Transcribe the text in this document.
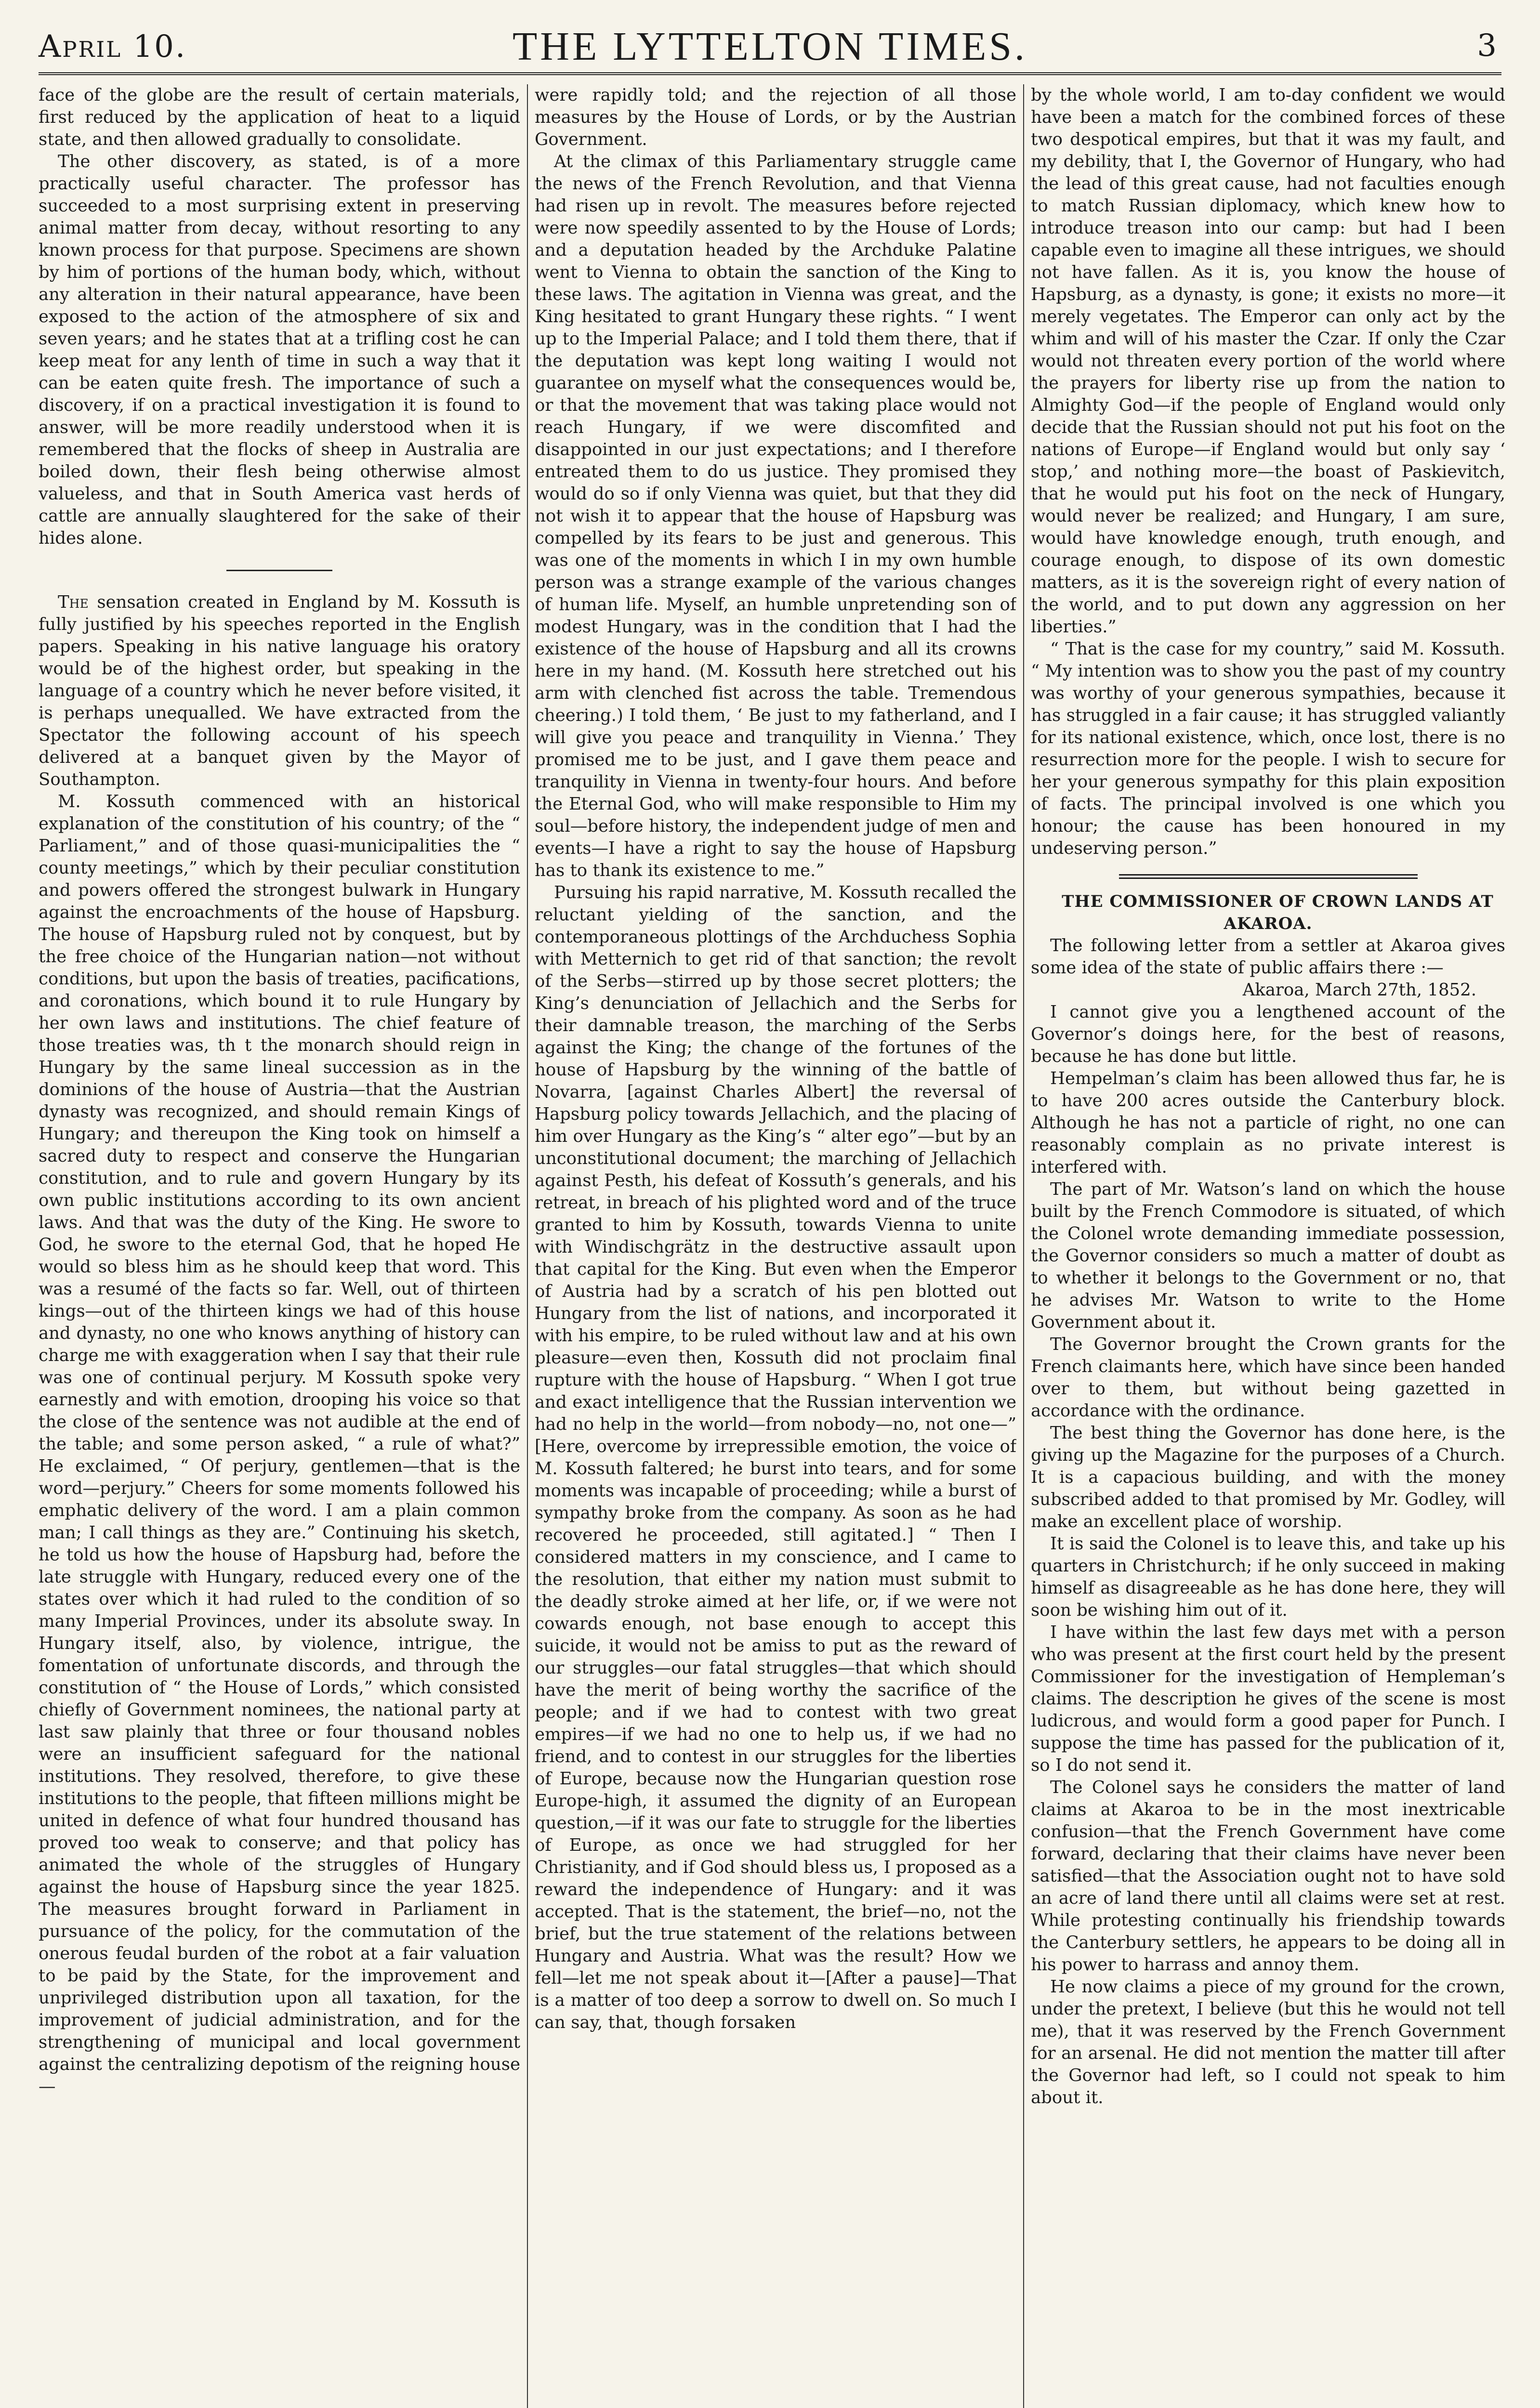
April 10.	THE LYTTELTON TIMES.	3

face of the globe are the result of certain materials, first reduced by the application of heat to a liquid state, and then allowed gradually to consolidate.

The other discovery, as stated, is of a more practically useful character. The professor has succeeded to a most surprising extent in preserving animal matter from decay, without resorting to any known process for that purpose. Specimens are shown by him of portions of the human body, which, without any alteration in their natural appearance, have been exposed to the action of the atmosphere of six and seven years; and he states that at a trifling cost he can keep meat for any lenth of time in such a way that it can be eaten quite fresh. The importance of such a discovery, if on a practical investigation it is found to answer, will be more readily understood when it is remembered that the flocks of sheep in Australia are boiled down, their flesh being otherwise almost valueless, and that in South America vast herds of cattle are annually slaughtered for the sake of their hides alone.

The sensation created in England by M. Kossuth is fully justified by his speeches reported in the English papers. Speaking in his native language his oratory would be of the highest order, but speaking in the language of a country which he never before visited, it is perhaps unequalled. We have extracted from the Spectator the following account of his speech delivered at a banquet given by the Mayor of Southampton.

M. Kossuth commenced with an historical explanation of the constitution of his country; of the “ Parliament,” and of those quasi-municipalities the “ county meetings,” which by their peculiar constitution and powers offered the strongest bulwark in Hungary against the encroachments of the house of Hapsburg. The house of Hapsburg ruled not by conquest, but by the free choice of the Hungarian nation—not without conditions, but upon the basis of treaties, pacifications, and coronations, which bound it to rule Hungary by her own laws and institutions. The chief feature of those treaties was, th t the monarch should reign in Hungary by the same lineal succession as in the dominions of the house of Austria—that the Austrian dynasty was recognized, and should remain Kings of Hungary; and thereupon the King took on himself a sacred duty to respect and conserve the Hungarian constitution, and to rule and govern Hungary by its own public institutions according to its own ancient laws. And that was the duty of the King. He swore to God, he swore to the eternal God, that he hoped He would so bless him as he should keep that word. This was a resumé of the facts so far. Well, out of thirteen kings—out of the thirteen kings we had of this house and dynasty, no one who knows anything of history can charge me with exaggeration when I say that their rule was one of continual perjury. M Kossuth spoke very earnestly and with emotion, drooping his voice so that the close of the sentence was not audible at the end of the table; and some person asked, “ a rule of what?” He exclaimed, “ Of perjury, gentlemen—that is the word—perjury.” Cheers for some moments followed his emphatic delivery of the word. I am a plain common man; I call things as they are.” Continuing his sketch, he told us how the house of Hapsburg had, before the late struggle with Hungary, reduced every one of the states over which it had ruled to the condition of so many Imperial Provinces, under its absolute sway. In Hungary itself, also, by violence, intrigue, the fomentation of unfortunate discords, and through the constitution of “ the House of Lords,” which consisted chiefly of Government nominees, the national party at last saw plainly that three or four thousand nobles were an insufficient safeguard for the national institutions. They resolved, therefore, to give these institutions to the people, that fifteen millions might be united in defence of what four hundred thousand has proved too weak to conserve; and that policy has animated the whole of the struggles of Hungary against the house of Hapsburg since the year 1825. The measures brought forward in Parliament in pursuance of the policy, for the commutation of the onerous feudal burden of the robot at a fair valuation to be paid by the State, for the improvement and unprivileged distribution upon all taxation, for the improvement of judicial administration, and for the strengthening of municipal and local government against the centralizing depotism of the reigning house—

were rapidly told; and the rejection of all those measures by the House of Lords, or by the Austrian Government.

At the climax of this Parliamentary struggle came the news of the French Revolution, and that Vienna had risen up in revolt. The measures before rejected were now speedily assented to by the House of Lords; and a deputation headed by the Archduke Palatine went to Vienna to obtain the sanction of the King to these laws. The agitation in Vienna was great, and the King hesitated to grant Hungary these rights. “ I went up to the Imperial Palace; and I told them there, that if the deputation was kept long waiting I would not guarantee on myself what the consequences would be, or that the movement that was taking place would not reach Hungary, if we were discomfited and disappointed in our just expectations; and I therefore entreated them to do us justice. They promised they would do so if only Vienna was quiet, but that they did not wish it to appear that the house of Hapsburg was compelled by its fears to be just and generous. This was one of the moments in which I in my own humble person was a strange example of the various changes of human life. Myself, an humble unpretending son of modest Hungary, was in the condition that I had the existence of the house of Hapsburg and all its crowns here in my hand. (M. Kossuth here stretched out his arm with clenched fist across the table. Tremendous cheering.) I told them, ‘ Be just to my fatherland, and I will give you peace and tranquility in Vienna.’ They promised me to be just, and I gave them peace and tranquility in Vienna in twenty-four hours. And before the Eternal God, who will make responsible to Him my soul—before history, the independent judge of men and events—I have a right to say the house of Hapsburg has to thank its existence to me.”

Pursuing his rapid narrative, M. Kossuth recalled the reluctant yielding of the sanction, and the contemporaneous plottings of the Archduchess Sophia with Metternich to get rid of that sanction; the revolt of the Serbs—stirred up by those secret plotters; the King’s denunciation of Jellachich and the Serbs for their damnable treason, the marching of the Serbs against the King; the change of the fortunes of the house of Hapsburg by the winning of the battle of Novarra, [against Charles Albert] the reversal of Hapsburg policy towards Jellachich, and the placing of him over Hungary as the King’s “ alter ego”—but by an unconstitutional document; the marching of Jellachich against Pesth, his defeat of Kossuth’s generals, and his retreat, in breach of his plighted word and of the truce granted to him by Kossuth, towards Vienna to unite with Windischgrätz in the destructive assault upon that capital for the King. But even when the Emperor of Austria had by a scratch of his pen blotted out Hungary from the list of nations, and incorporated it with his empire, to be ruled without law and at his own pleasure—even then, Kossuth did not proclaim final rupture with the house of Hapsburg. “ When I got true and exact intelligence that the Russian intervention we had no help in the world—from nobody—no, not one—” [Here, overcome by irrepressible emotion, the voice of M. Kossuth faltered; he burst into tears, and for some moments was incapable of proceeding; while a burst of sympathy broke from the company. As soon as he had recovered he proceeded, still agitated.] “ Then I considered matters in my conscience, and I came to the resolution, that either my nation must submit to the deadly stroke aimed at her life, or, if we were not cowards enough, not base enough to accept this suicide, it would not be amiss to put as the reward of our struggles—our fatal struggles—that which should have the merit of being worthy the sacrifice of the people; and if we had to contest with two great empires—if we had no one to help us, if we had no friend, and to contest in our struggles for the liberties of Europe, because now the Hungarian question rose Europe-high, it assumed the dignity of an European question,—if it was our fate to struggle for the liberties of Europe, as once we had struggled for her Christianity, and if God should bless us, I proposed as a reward the independence of Hungary: and it was accepted. That is the statement, the brief—no, not the brief, but the true statement of the relations between Hungary and Austria. What was the result? How we fell—let me not speak about it—[After a pause]—That is a matter of too deep a sorrow to dwell on. So much I can say, that, though forsaken

by the whole world, I am to-day confident we would have been a match for the combined forces of these two despotical empires, but that it was my fault, and my debility, that I, the Governor of Hungary, who had the lead of this great cause, had not faculties enough to match Russian diplomacy, which knew how to introduce treason into our camp: but had I been capable even to imagine all these intrigues, we should not have fallen. As it is, you know the house of Hapsburg, as a dynasty, is gone; it exists no more—it merely vegetates. The Emperor can only act by the whim and will of his master the Czar. If only the Czar would not threaten every portion of the world where the prayers for liberty rise up from the nation to Almighty God—if the people of England would only decide that the Russian should not put his foot on the nations of Europe—if England would but only say ‘ stop,’ and nothing more—the boast of Paskievitch, that he would put his foot on the neck of Hungary, would never be realized; and Hungary, I am sure, would have knowledge enough, truth enough, and courage enough, to dispose of its own domestic matters, as it is the sovereign right of every nation of the world, and to put down any aggression on her liberties.”

“ That is the case for my country,” said M. Kossuth. “ My intention was to show you the past of my country was worthy of your generous sympathies, because it has struggled in a fair cause; it has struggled valiantly for its national existence, which, once lost, there is no resurrection more for the people. I wish to secure for her your generous sympathy for this plain exposition of facts. The principal involved is one which you honour; the cause has been honoured in my undeserving person.”

THE COMMISSIONER OF CROWN LANDS AT AKAROA.

The following letter from a settler at Akaroa gives some idea of the state of public affairs there :—

Akaroa, March 27th, 1852.

I cannot give you a lengthened account of the Governor’s doings here, for the best of reasons, because he has done but little.

Hempelman’s claim has been allowed thus far, he is to have 200 acres outside the Canterbury block. Although he has not a particle of right, no one can reasonably complain as no private interest is interfered with.

The part of Mr. Watson’s land on which the house built by the French Commodore is situated, of which the Colonel wrote demanding immediate possession, the Governor considers so much a matter of doubt as to whether it belongs to the Government or no, that he advises Mr. Watson to write to the Home Government about it.

The Governor brought the Crown grants for the French claimants here, which have since been handed over to them, but without being gazetted in accordance with the ordinance.

The best thing the Governor has done here, is the giving up the Magazine for the purposes of a Church. It is a capacious building, and with the money subscribed added to that promised by Mr. Godley, will make an excellent place of worship.

It is said the Colonel is to leave this, and take up his quarters in Christchurch; if he only succeed in making himself as disagreeable as he has done here, they will soon be wishing him out of it.

I have within the last few days met with a person who was present at the first court held by the present Commissioner for the investigation of Hempleman’s claims. The description he gives of the scene is most ludicrous, and would form a good paper for Punch. I suppose the time has passed for the publication of it, so I do not send it.

The Colonel says he considers the matter of land claims at Akaroa to be in the most inextricable confusion—that the French Government have come forward, declaring that their claims have never been satisfied—that the Association ought not to have sold an acre of land there until all claims were set at rest. While protesting continually his friendship towards the Canterbury settlers, he appears to be doing all in his power to harrass and annoy them.

He now claims a piece of my ground for the crown, under the pretext, I believe (but this he would not tell me), that it was reserved by the French Government for an arsenal. He did not mention the matter till after the Governor had left, so I could not speak to him about it.
